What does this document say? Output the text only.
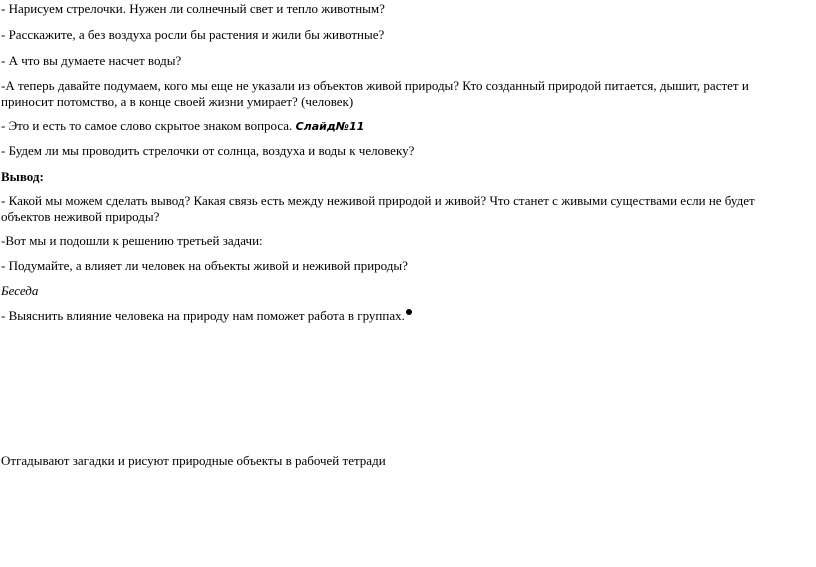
- Нарисуем стрелочки. Нужен ли солнечный свет и тепло животным?
- Расскажите, а без воздуха росли бы растения и жили бы животные?
- А что вы думаете насчет воды?
-А теперь давайте подумаем, кого мы еще не указали из объектов живой природы? Кто созданный природой питается, дышит, растет и приносит потомство, а в конце своей жизни умирает? (человек)
- Это и есть то самое слово скрытое знаком вопроса. Слайд№11
- Будем ли мы проводить стрелочки от солнца, воздуха и воды к человеку?
Вывод:
- Какой мы можем сделать вывод? Какая связь есть между неживой природой и живой? Что станет с живыми существами если не будет объектов неживой природы?
-Вот мы и подошли к решению третьей задачи:
- Подумайте, а влияет ли человек на объекты живой и неживой природы?
Беседа
- Выяснить влияние человека на природу нам поможет работа в группах.
Отгадывают загадки и рисуют природные объекты в рабочей тетради
